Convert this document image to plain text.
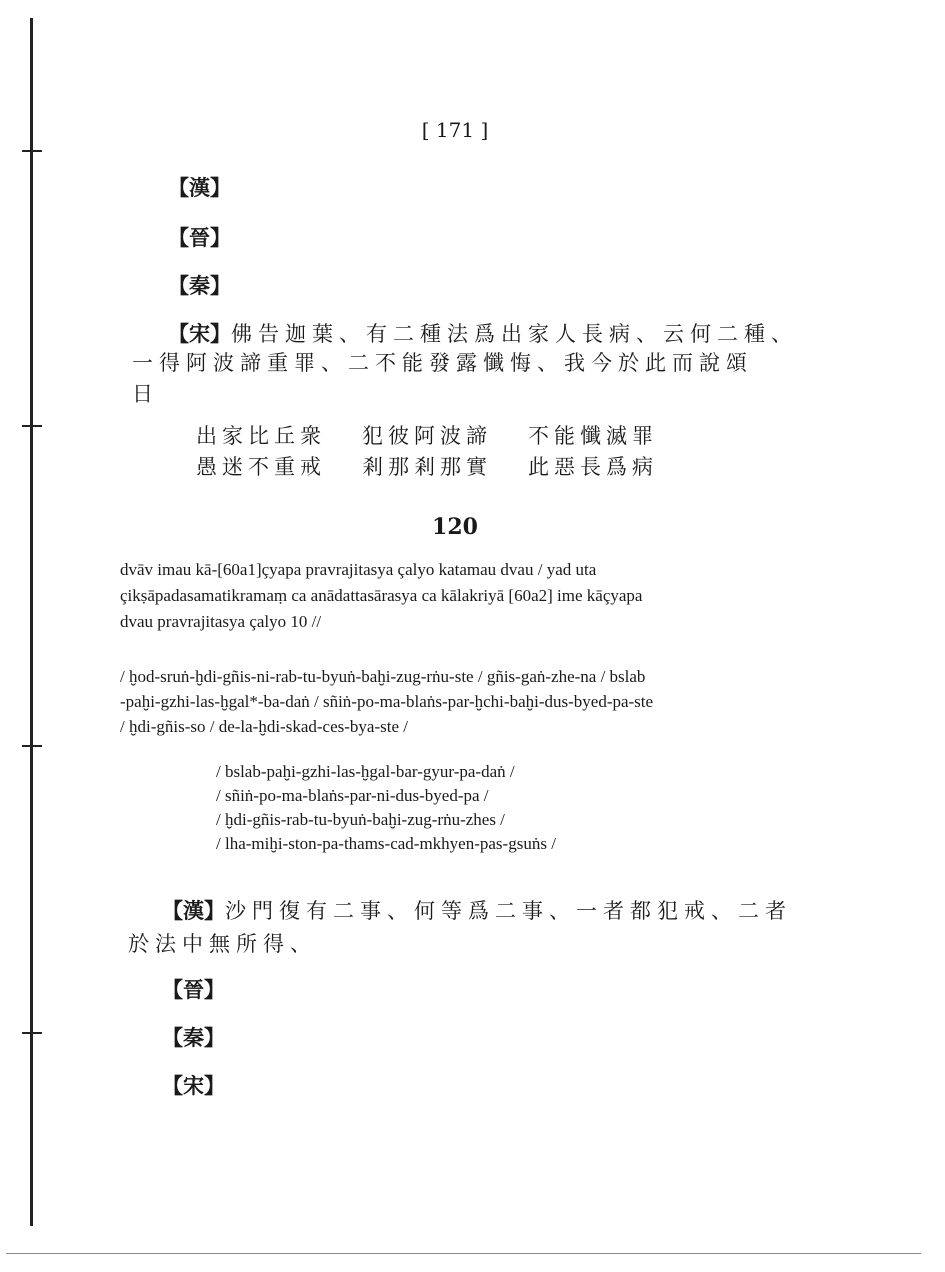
[ 171 ]
【漢】
【晉】
【秦】
【宋】佛告迦葉、有二種法爲出家人長病、云何二種、
一得阿波諦重罪、二不能發露懺悔、我今於此而說頌
日
出家比丘衆 犯彼阿波諦 不能懺滅罪
愚迷不重戒 剎那剎那實 此惡長爲病
120
dvāv imau kā-[60a1]çyapa pravrajitasya çalyo katamau dvau / yad uta
çikṣāpadasamatikramaṃ ca anādattasārasya ca kālakriyā [60a2] ime kāçyapa
dvau pravrajitasya çalyo 10 //
/ ḫod-sruṅ-ḫdi-gñis-ni-rab-tu-byuṅ-baḫi-zug-rṅu-ste / gñis-gaṅ-zhe-na / bslab
-paḫi-gzhi-las-ḫgal*-ba-daṅ / sñiṅ-po-ma-blaṅs-par-ḫchi-baḫi-dus-byed-pa-ste
/ ḫdi-gñis-so / de-la-ḫdi-skad-ces-bya-ste /
/ bslab-paḫi-gzhi-las-ḫgal-bar-gyur-pa-daṅ /
/ sñiṅ-po-ma-blaṅs-par-ni-dus-byed-pa /
/ ḫdi-gñis-rab-tu-byuṅ-baḫi-zug-rṅu-zhes /
/ lha-miḫi-ston-pa-thams-cad-mkhyen-pas-gsuṅs /
【漢】沙門復有二事、何等爲二事、一者都犯戒、二者
於法中無所得、
【晉】
【秦】
【宋】
